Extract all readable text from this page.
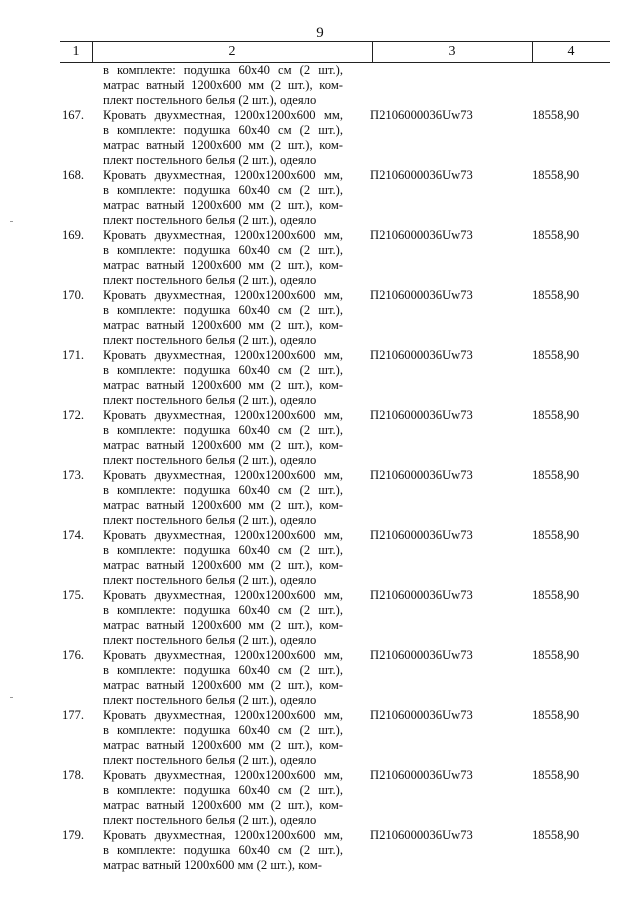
9
1	2	3	4
в комплекте: подушка 60х40 см (2 шт.),
матрас ватный 1200х600 мм (2 шт.), ком-
плект постельного белья (2 шт.), одеяло
167.	Кровать двухместная, 1200х1200х600 мм,
в комплекте: подушка 60х40 см (2 шт.),
матрас ватный 1200х600 мм (2 шт.), ком-
плект постельного белья (2 шт.), одеяло
П2106000036Uw73	18558,90
168.	Кровать двухместная, 1200х1200х600 мм,
в комплекте: подушка 60х40 см (2 шт.),
матрас ватный 1200х600 мм (2 шт.), ком-
плект постельного белья (2 шт.), одеяло
П2106000036Uw73	18558,90
169.	Кровать двухместная, 1200х1200х600 мм,
в комплекте: подушка 60х40 см (2 шт.),
матрас ватный 1200х600 мм (2 шт.), ком-
плект постельного белья (2 шт.), одеяло
П2106000036Uw73	18558,90
170.	Кровать двухместная, 1200х1200х600 мм,
в комплекте: подушка 60х40 см (2 шт.),
матрас ватный 1200х600 мм (2 шт.), ком-
плект постельного белья (2 шт.), одеяло
П2106000036Uw73	18558,90
171.	Кровать двухместная, 1200х1200х600 мм,
в комплекте: подушка 60х40 см (2 шт.),
матрас ватный 1200х600 мм (2 шт.), ком-
плект постельного белья (2 шт.), одеяло
П2106000036Uw73	18558,90
172.	Кровать двухместная, 1200х1200х600 мм,
в комплекте: подушка 60х40 см (2 шт.),
матрас ватный 1200х600 мм (2 шт.), ком-
плект постельного белья (2 шт.), одеяло
П2106000036Uw73	18558,90
173.	Кровать двухместная, 1200х1200х600 мм,
в комплекте: подушка 60х40 см (2 шт.),
матрас ватный 1200х600 мм (2 шт.), ком-
плект постельного белья (2 шт.), одеяло
П2106000036Uw73	18558,90
174.	Кровать двухместная, 1200х1200х600 мм,
в комплекте: подушка 60х40 см (2 шт.),
матрас ватный 1200х600 мм (2 шт.), ком-
плект постельного белья (2 шт.), одеяло
П2106000036Uw73	18558,90
175.	Кровать двухместная, 1200х1200х600 мм,
в комплекте: подушка 60х40 см (2 шт.),
матрас ватный 1200х600 мм (2 шт.), ком-
плект постельного белья (2 шт.), одеяло
П2106000036Uw73	18558,90
176.	Кровать двухместная, 1200х1200х600 мм,
в комплекте: подушка 60х40 см (2 шт.),
матрас ватный 1200х600 мм (2 шт.), ком-
плект постельного белья (2 шт.), одеяло
П2106000036Uw73	18558,90
177.	Кровать двухместная, 1200х1200х600 мм,
в комплекте: подушка 60х40 см (2 шт.),
матрас ватный 1200х600 мм (2 шт.), ком-
плект постельного белья (2 шт.), одеяло
П2106000036Uw73	18558,90
178.	Кровать двухместная, 1200х1200х600 мм,
в комплекте: подушка 60х40 см (2 шт.),
матрас ватный 1200х600 мм (2 шт.), ком-
плект постельного белья (2 шт.), одеяло
П2106000036Uw73	18558,90
179.	Кровать двухместная, 1200х1200х600 мм,
в комплекте: подушка 60х40 см (2 шт.),
матрас ватный 1200х600 мм (2 шт.), ком-
П2106000036Uw73	18558,90
